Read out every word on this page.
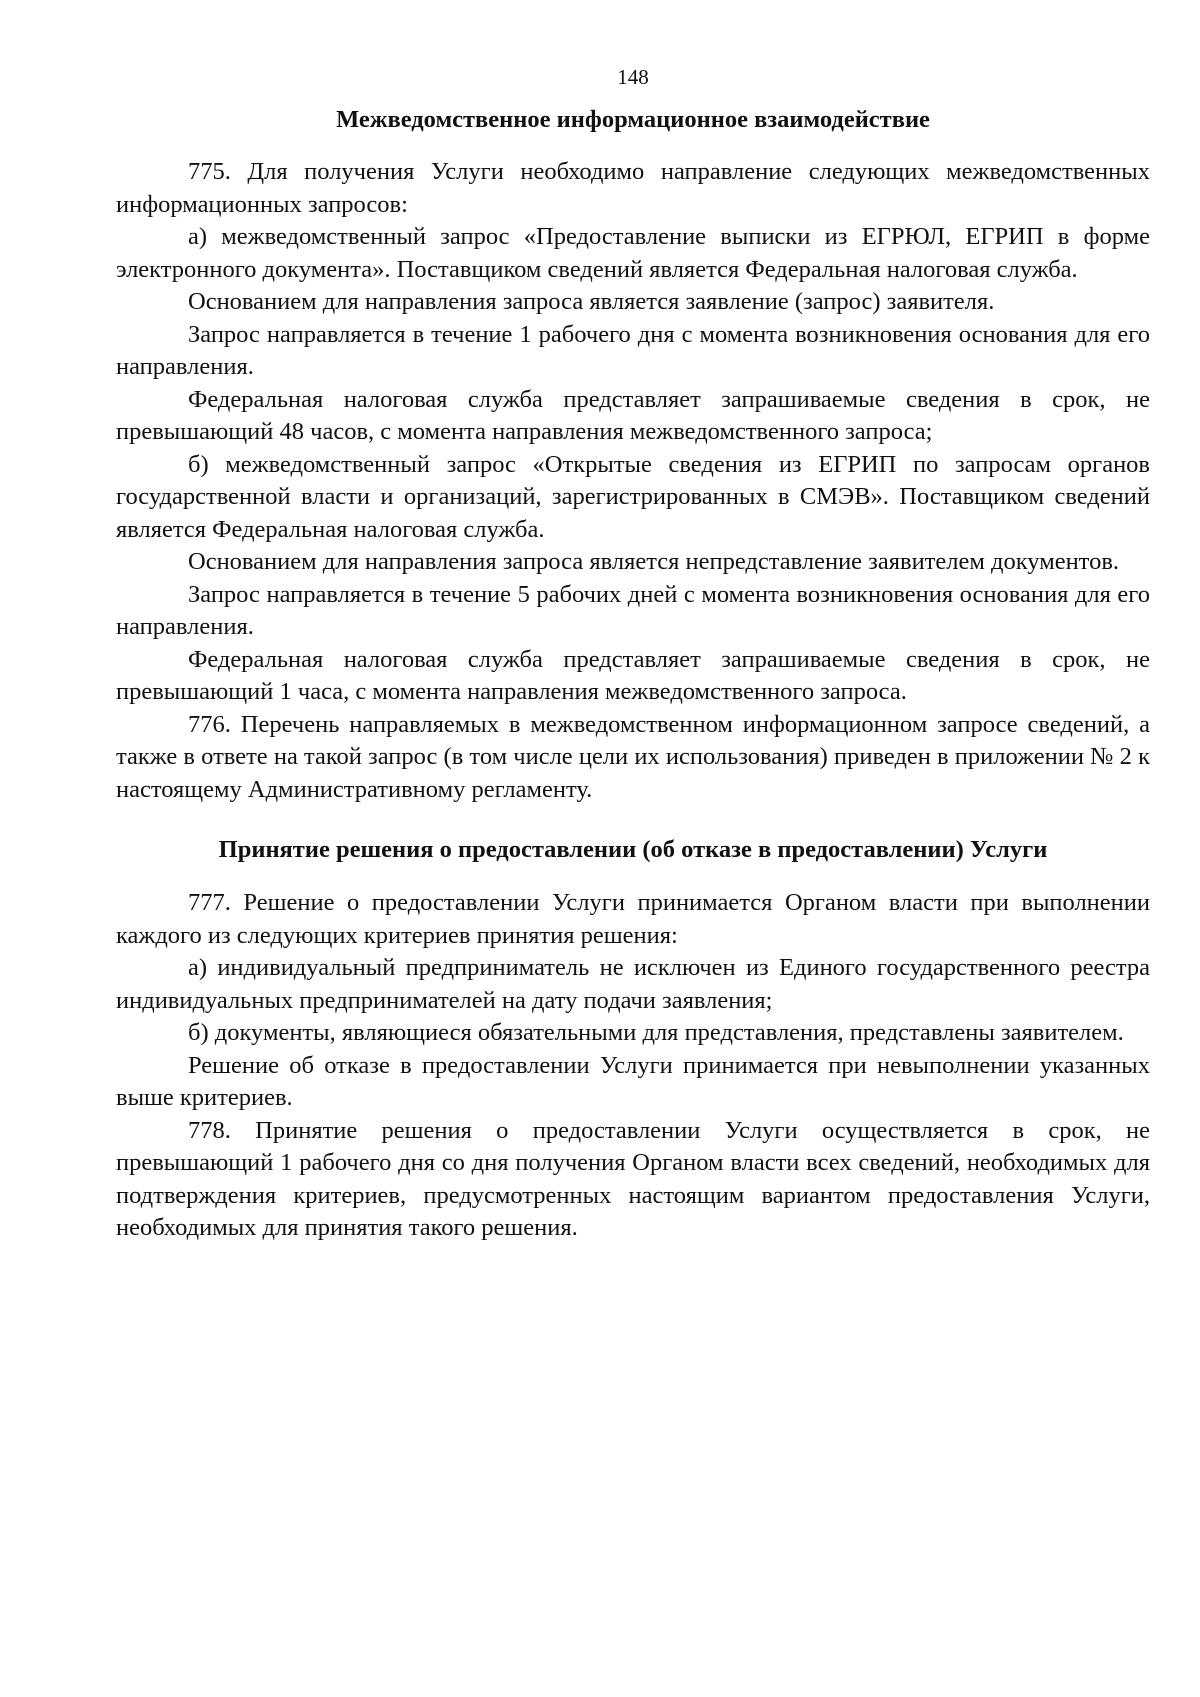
148
Межведомственное информационное взаимодействие

775. Для получения Услуги необходимо направление следующих межведомственных информационных запросов:

а) межведомственный запрос «Предоставление выписки из ЕГРЮЛ, ЕГРИП в форме электронного документа». Поставщиком сведений является Федеральная налоговая служба.

Основанием для направления запроса является заявление (запрос) заявителя.

Запрос направляется в течение 1 рабочего дня с момента возникновения основания для его направления.

Федеральная налоговая служба представляет запрашиваемые сведения в срок, не превышающий 48 часов, с момента направления межведомственного запроса;

б) межведомственный запрос «Открытые сведения из ЕГРИП по запросам органов государственной власти и организаций, зарегистрированных в СМЭВ». Поставщиком сведений является Федеральная налоговая служба.

Основанием для направления запроса является непредставление заявителем документов.

Запрос направляется в течение 5 рабочих дней с момента возникновения основания для его направления.

Федеральная налоговая служба представляет запрашиваемые сведения в срок, не превышающий 1 часа, с момента направления межведомственного запроса.

776. Перечень направляемых в межведомственном информационном запросе сведений, а также в ответе на такой запрос (в том числе цели их использования) приведен в приложении № 2 к настоящему Административному регламенту.

Принятие решения о предоставлении (об отказе в предоставлении) Услуги

777. Решение о предоставлении Услуги принимается Органом власти при выполнении каждого из следующих критериев принятия решения:

а) индивидуальный предприниматель не исключен из Единого государственного реестра индивидуальных предпринимателей на дату подачи заявления;

б) документы, являющиеся обязательными для представления, представлены заявителем.

Решение об отказе в предоставлении Услуги принимается при невыполнении указанных выше критериев.

778. Принятие решения о предоставлении Услуги осуществляется в срок, не превышающий 1 рабочего дня со дня получения Органом власти всех сведений, необходимых для подтверждения критериев, предусмотренных настоящим вариантом предоставления Услуги, необходимых для принятия такого решения.
